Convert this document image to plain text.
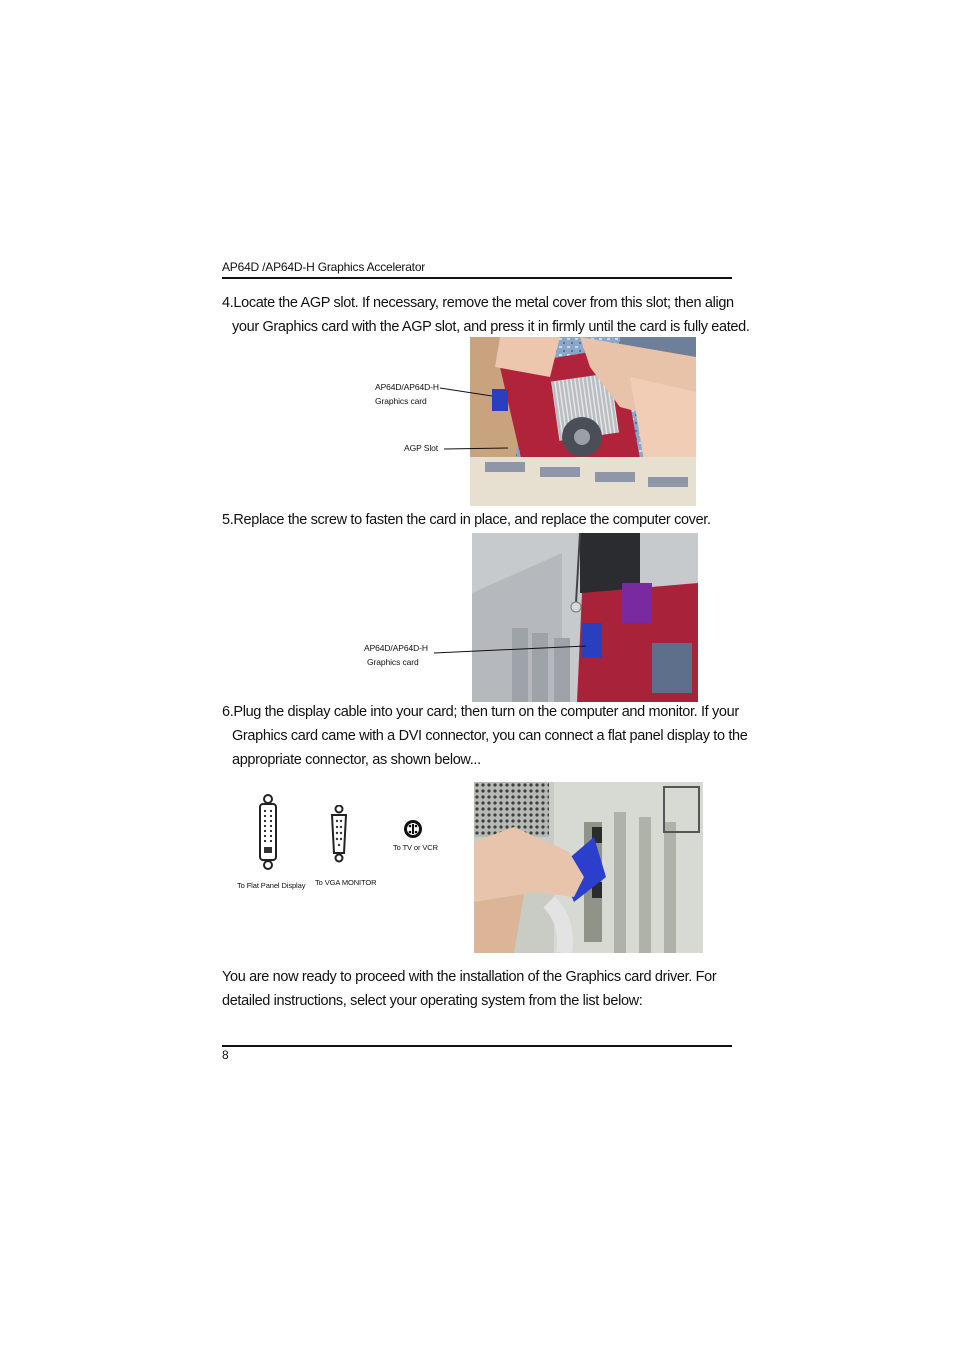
AP64D /AP64D-H Graphics Accelerator
4.Locate the AGP slot. If necessary, remove the metal cover from this slot; then align
your Graphics card with the AGP slot, and press it in firmly until the card is fully eated.
AP64D/AP64D-H
Graphics card
AGP Slot
5.Replace the screw to fasten the card in place, and replace the computer cover.
AP64D/AP64D-H
Graphics card
6.Plug the display cable into your card; then turn on the computer and monitor. If your
Graphics card came with a DVI connector, you can connect a flat panel display to the
appropriate connector, as shown below...
To Flat Panel Display To VGA MONITOR
To TV or VCR
You are now ready to proceed with the installation of the Graphics card driver. For
detailed instructions, select your operating system from the list below:
8
